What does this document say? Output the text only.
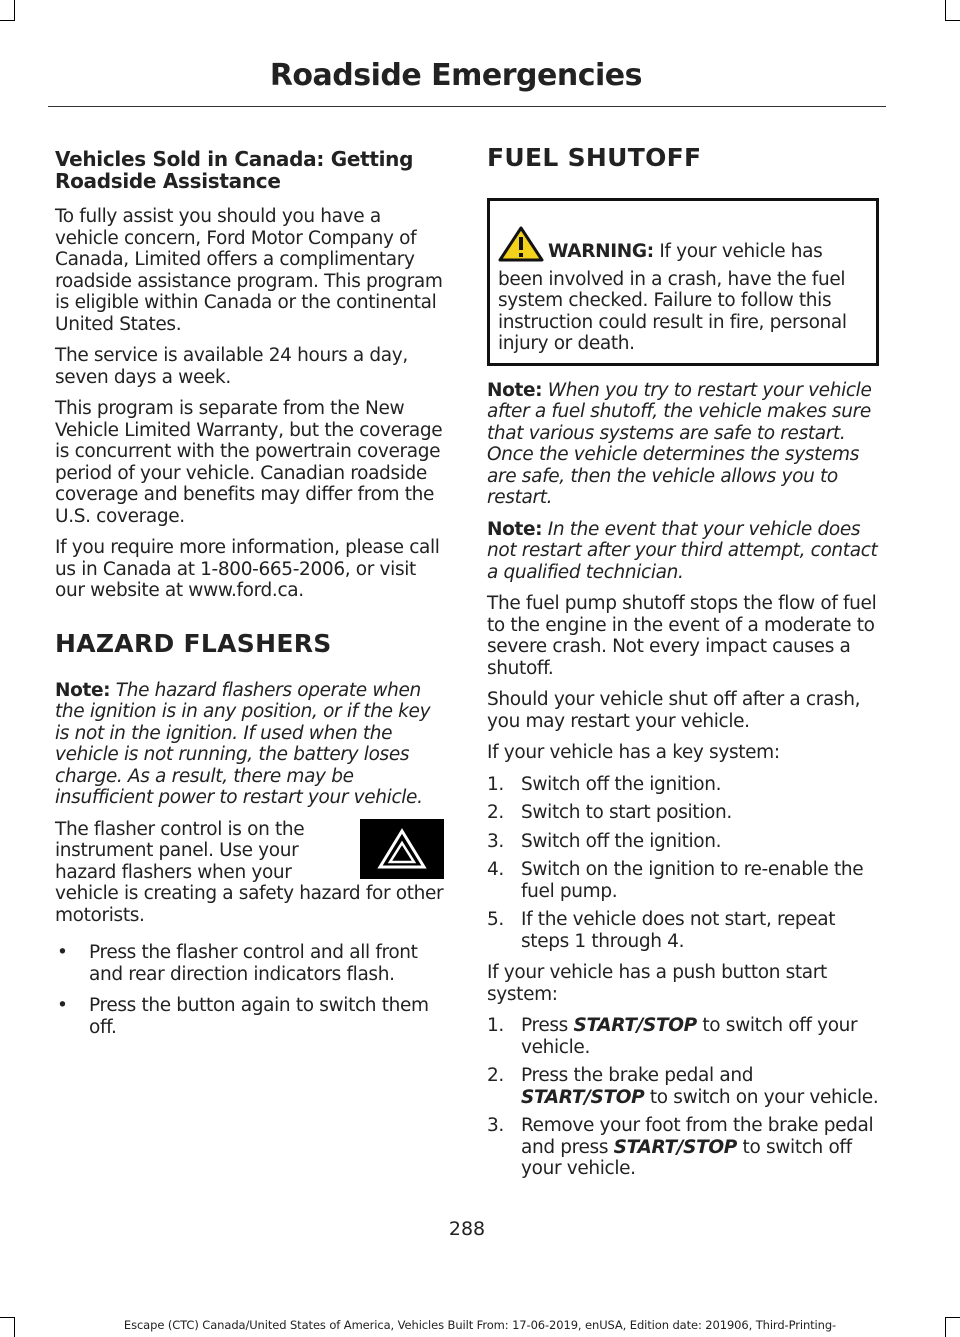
Roadside Emergencies
Vehicles Sold in Canada: Getting Roadside Assistance

To fully assist you should you have a vehicle concern, Ford Motor Company of Canada, Limited offers a complimentary roadside assistance program. This program is eligible within Canada or the continental United States.

The service is available 24 hours a day, seven days a week.

This program is separate from the New Vehicle Limited Warranty, but the coverage is concurrent with the powertrain coverage period of your vehicle. Canadian roadside coverage and benefits may differ from the U.S. coverage.

If you require more information, please call us in Canada at 1-800-665-2006, or visit our website at www.ford.ca.

HAZARD FLASHERS

Note: The hazard flashers operate when the ignition is in any position, or if the key is not in the ignition. If used when the vehicle is not running, the battery loses charge. As a result, there may be insufficient power to restart your vehicle.

The flasher control is on the instrument panel. Use your hazard flashers when your vehicle is creating a safety hazard for other motorists.

• Press the flasher control and all front and rear direction indicators flash.
• Press the button again to switch them off.
FUEL SHUTOFF
WARNING: If your vehicle has been involved in a crash, have the fuel system checked. Failure to follow this instruction could result in fire, personal injury or death.

Note: When you try to restart your vehicle after a fuel shutoff, the vehicle makes sure that various systems are safe to restart. Once the vehicle determines the systems are safe, then the vehicle allows you to restart.

Note: In the event that your vehicle does not restart after your third attempt, contact a qualified technician.

The fuel pump shutoff stops the flow of fuel to the engine in the event of a moderate to severe crash. Not every impact causes a shutoff.

Should your vehicle shut off after a crash, you may restart your vehicle.

If your vehicle has a key system:

1. Switch off the ignition.
2. Switch to start position.
3. Switch off the ignition.
4. Switch on the ignition to re-enable the fuel pump.
5. If the vehicle does not start, repeat steps 1 through 4.

If your vehicle has a push button start system:

1. Press START/STOP to switch off your vehicle.
2. Press the brake pedal and START/STOP to switch on your vehicle.
3. Remove your foot from the brake pedal and press START/STOP to switch off your vehicle.
288
Escape (CTC) Canada/United States of America, Vehicles Built From: 17-06-2019, enUSA, Edition date: 201906, Third-Printing-
